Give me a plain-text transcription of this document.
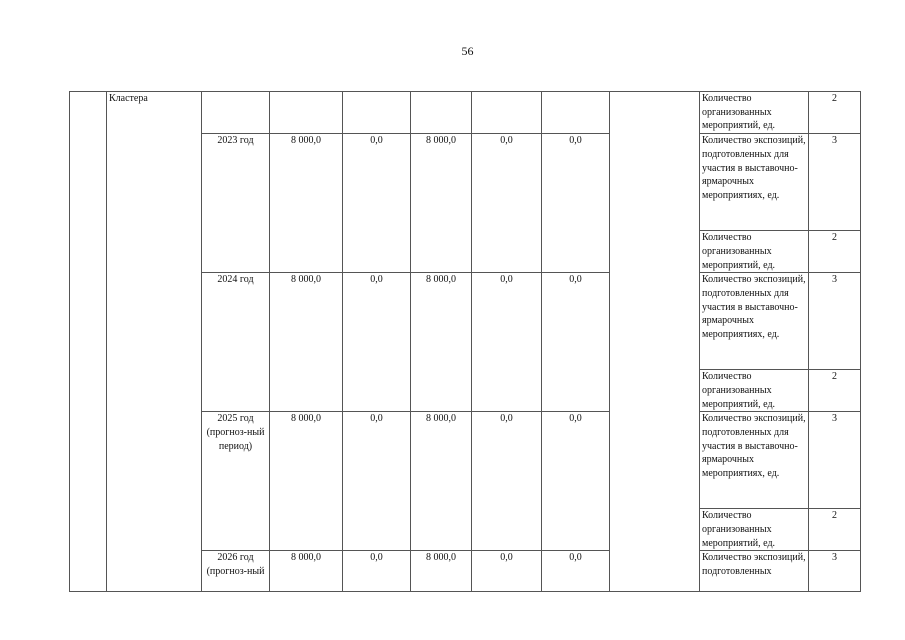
56
	Кластера								Количество организованных мероприятий, ед.	2
		2023 год	8 000,0	0,0	8 000,0	0,0	0,0		Количество экспозиций, подготовленных для участия в выставочно-ярмарочных мероприятиях, ед.	3
									Количество организованных мероприятий, ед.	2
		2024 год	8 000,0	0,0	8 000,0	0,0	0,0		Количество экспозиций, подготовленных для участия в выставочно-ярмарочных мероприятиях, ед.	3
									Количество организованных мероприятий, ед.	2
		2025 год (прогноз-ный период)	8 000,0	0,0	8 000,0	0,0	0,0		Количество экспозиций, подготовленных для участия в выставочно-ярмарочных мероприятиях, ед.	3
									Количество организованных мероприятий, ед.	2
		2026 год (прогноз-ный	8 000,0	0,0	8 000,0	0,0	0,0		Количество экспозиций, подготовленных	3
